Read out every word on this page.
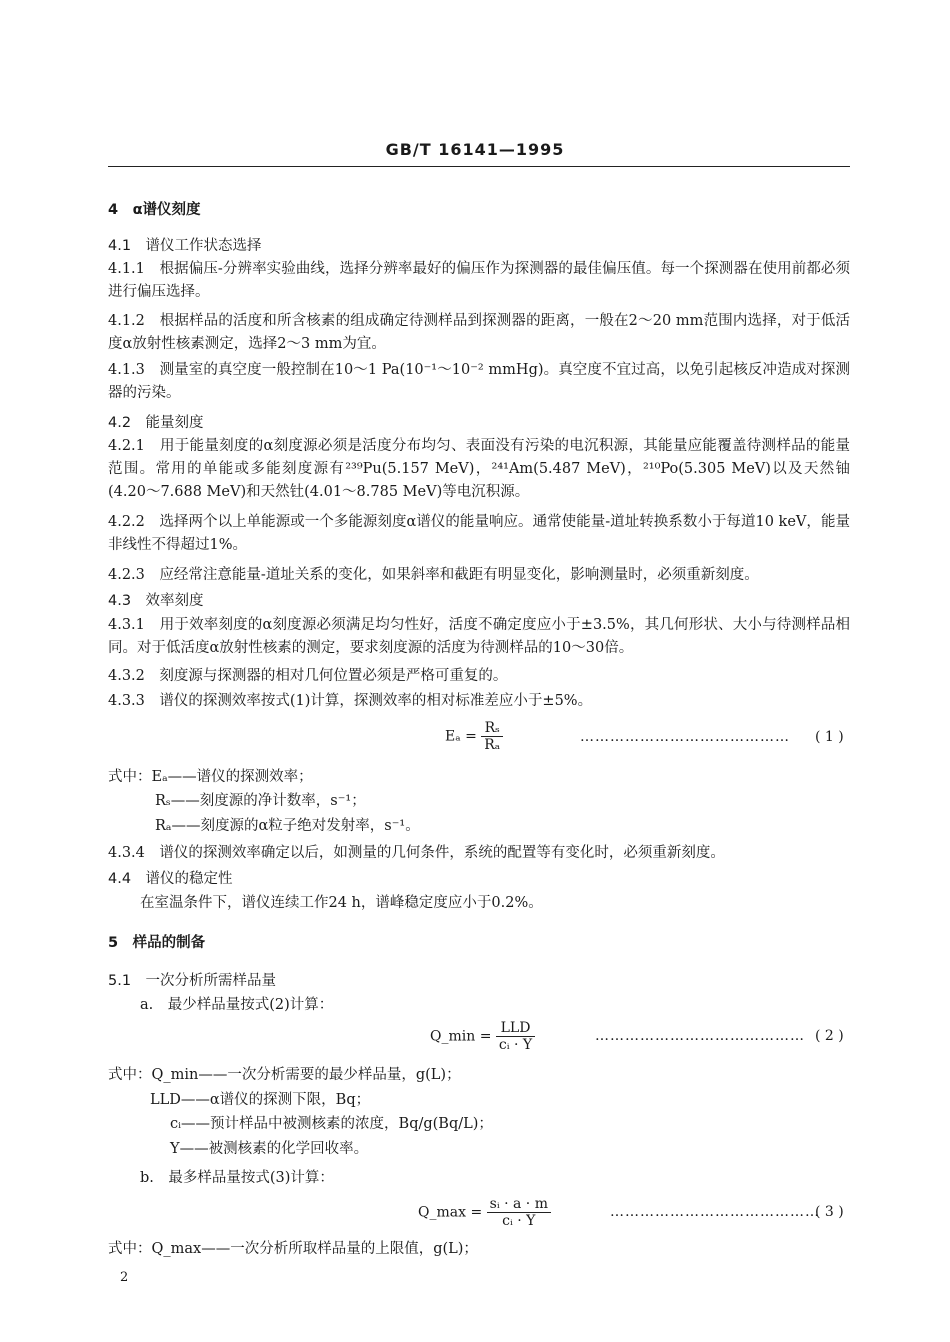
GB/T 16141—1995
4　α谱仪刻度
4.1　谱仪工作状态选择
4.1.1　根据偏压-分辨率实验曲线，选择分辨率最好的偏压作为探测器的最佳偏压值。每一个探测器在使用前都必须进行偏压选择。
4.1.2　根据样品的活度和所含核素的组成确定待测样品到探测器的距离，一般在2～20 mm范围内选择，对于低活度α放射性核素测定，选择2～3 mm为宜。
4.1.3　测量室的真空度一般控制在10～1 Pa(10⁻¹～10⁻² mmHg)。真空度不宜过高，以免引起核反冲造成对探测器的污染。
4.2　能量刻度
4.2.1　用于能量刻度的α刻度源必须是活度分布均匀、表面没有污染的电沉积源，其能量应能覆盖待测样品的能量范围。常用的单能或多能刻度源有²³⁹Pu(5.157 MeV)，²⁴¹Am(5.487 MeV)，²¹⁰Po(5.305 MeV)以及天然铀(4.20～7.688 MeV)和天然钍(4.01～8.785 MeV)等电沉积源。
4.2.2　选择两个以上单能源或一个多能源刻度α谱仪的能量响应。通常使能量-道址转换系数小于每道10 keV，能量非线性不得超过1%。
4.2.3　应经常注意能量-道址关系的变化，如果斜率和截距有明显变化，影响测量时，必须重新刻度。
4.3　效率刻度
4.3.1　用于效率刻度的α刻度源必须满足均匀性好，活度不确定度应小于±3.5%，其几何形状、大小与待测样品相同。对于低活度α放射性核素的测定，要求刻度源的活度为待测样品的10～30倍。
4.3.2　刻度源与探测器的相对几何位置必须是严格可重复的。
4.3.3　谱仪的探测效率按式(1)计算，探测效率的相对标准差应小于±5%。
$E_a = \frac{\text{Rₛ}}{\text{Rₐ}}$	…………………………………… ( 1 )
式中：Eₐ——谱仪的探测效率；
Rₛ——刻度源的净计数率，s⁻¹；
Rₐ——刻度源的α粒子绝对发射率，s⁻¹。
4.3.4　谱仪的探测效率确定以后，如测量的几何条件，系统的配置等有变化时，必须重新刻度。
4.4　谱仪的稳定性
在室温条件下，谱仪连续工作24 h，谱峰稳定度应小于0.2%。
5　样品的制备
5.1　一次分析所需样品量
a.　最少样品量按式(2)计算：
Q_min = $\frac{\text{LLD}}{\text{cᵢ · Y}}$	…………………………………… ( 2 )
式中：Q_min——一次分析需要的最少样品量，g(L)；
LLD——α谱仪的探测下限，Bq；
cᵢ——预计样品中被测核素的浓度，Bq/g(Bq/L)；
Y——被测核素的化学回收率。
b.　最多样品量按式(3)计算：
Q_max = $\frac{\text{sᵢ · a · m}}{\text{cᵢ · Y}}$	……………………………………
( 3 )
式中：Q_max——一次分析所取样品量的上限值，g(L)；
2
